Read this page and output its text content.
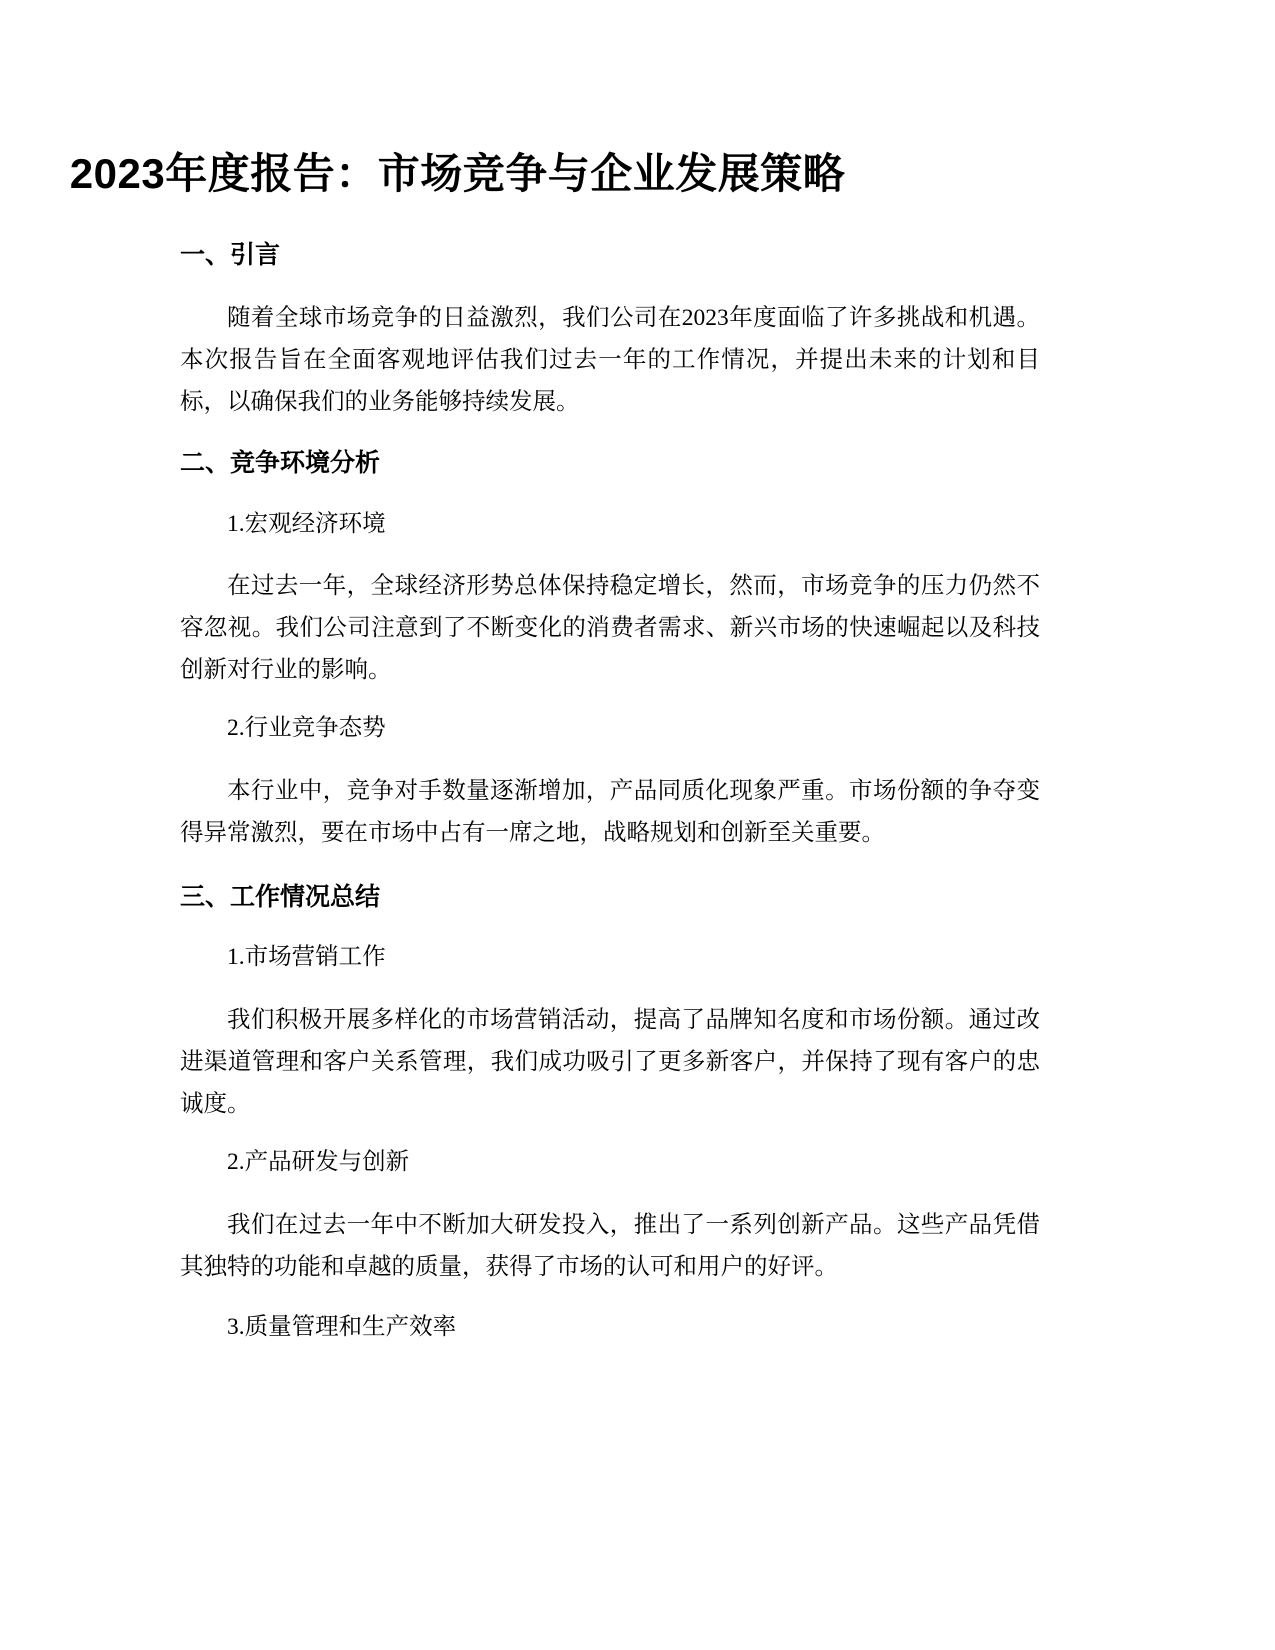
2023年度报告：市场竞争与企业发展策略
一、引言

随着全球市场竞争的日益激烈，我们公司在2023年度面临了许多挑战和机遇。本次报告旨在全面客观地评估我们过去一年的工作情况，并提出未来的计划和目标，以确保我们的业务能够持续发展。

二、竞争环境分析

1.宏观经济环境

在过去一年，全球经济形势总体保持稳定增长，然而，市场竞争的压力仍然不容忽视。我们公司注意到了不断变化的消费者需求、新兴市场的快速崛起以及科技创新对行业的影响。

2.行业竞争态势

本行业中，竞争对手数量逐渐增加，产品同质化现象严重。市场份额的争夺变得异常激烈，要在市场中占有一席之地，战略规划和创新至关重要。

三、工作情况总结

1.市场营销工作

我们积极开展多样化的市场营销活动，提高了品牌知名度和市场份额。通过改进渠道管理和客户关系管理，我们成功吸引了更多新客户，并保持了现有客户的忠诚度。

2.产品研发与创新

我们在过去一年中不断加大研发投入，推出了一系列创新产品。这些产品凭借其独特的功能和卓越的质量，获得了市场的认可和用户的好评。

3.质量管理和生产效率
